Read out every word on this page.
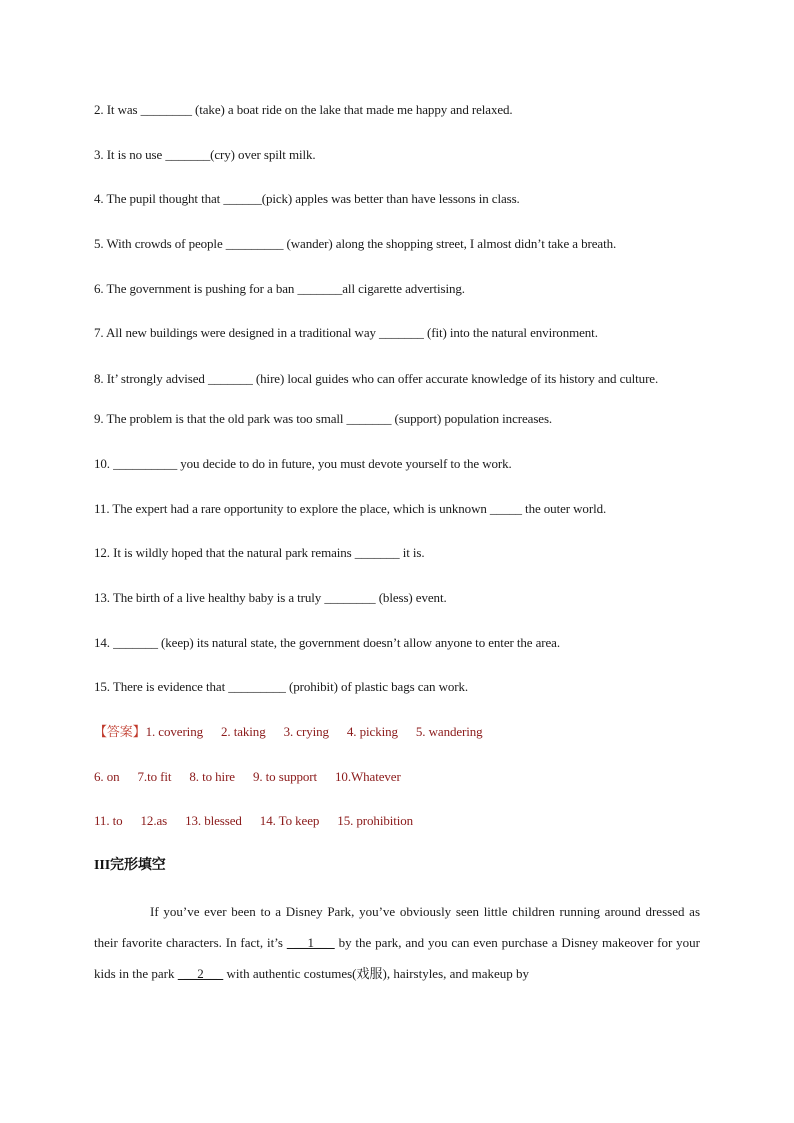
2. It was ________ (take) a boat ride on the lake that made me happy and relaxed.
3. It is no use _______(cry) over spilt milk.
4. The pupil thought that ______(pick) apples was better than have lessons in class.
5. With crowds of people _________ (wander) along the shopping street, I almost didn’t take a breath.
6. The government is pushing for a ban _______all cigarette advertising.
7. All new buildings were designed in a traditional way _______ (fit) into the natural environment.
8. It’ strongly advised _______ (hire) local guides who can offer accurate knowledge of its history and culture.
9. The problem is that the old park was too small _______ (support) population increases.
10. __________ you decide to do in future, you must devote yourself to the work.
11. The expert had a rare opportunity to explore the place, which is unknown _____ the outer world.
12. It is wildly hoped that the natural park remains _______ it is.
13. The birth of a live healthy baby is a truly ________ (bless) event.
14. _______ (keep) its natural state, the government doesn’t allow anyone to enter the area.
15. There is evidence that _________ (prohibit) of plastic bags can work.
【答案】1. covering 2. taking 3. crying 4. picking 5. wandering
6. on 7.to fit 8. to hire 9. to support 10.Whatever
11. to 12.as 13. blessed 14. To keep 15. prohibition
III完形填空

If you’ve ever been to a Disney Park, you’ve obviously seen little children running around dressed as their favorite characters. In fact, it’s   __1__   by the park, and you can even purchase a Disney makeover for your kids in the park   __2__   with authentic costumes(戏服), hairstyles, and makeup by
